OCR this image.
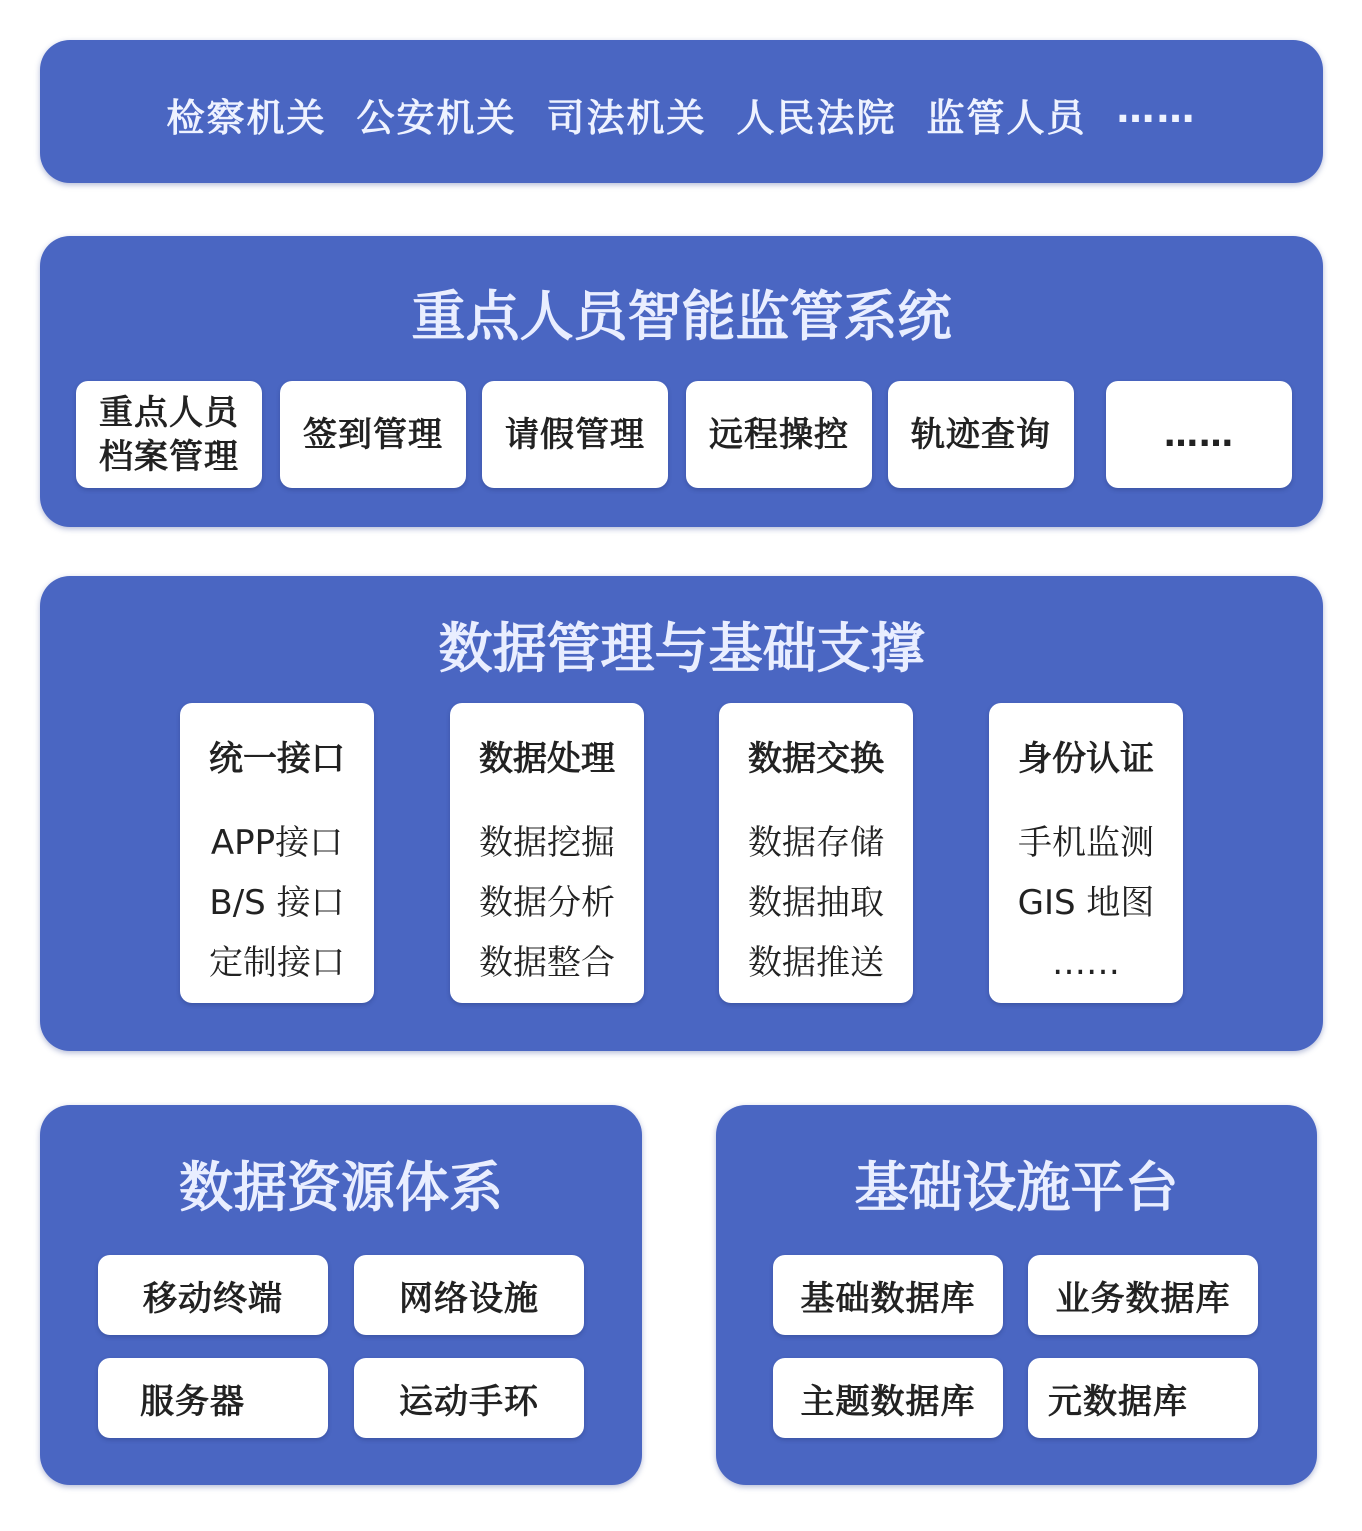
检察机关 公安机关 司法机关 人民法院 监管人员 ……
重点人员智能监管系统
重点人员档案管理
签到管理 请假管理 远程操控 轨迹查询	……
数据管理与基础支撑
统一接口
APP接口
B/S 接口
定制接口
数据处理
数据挖掘
数据分析
数据整合
数据交换
数据存储
数据抽取
数据推送
身份认证
手机监测
GIS 地图
……
数据资源体系
移动终端	网络设施
服务器	运动手环
基础设施平台
基础数据库	业务数据库
主题数据库	元数据库
